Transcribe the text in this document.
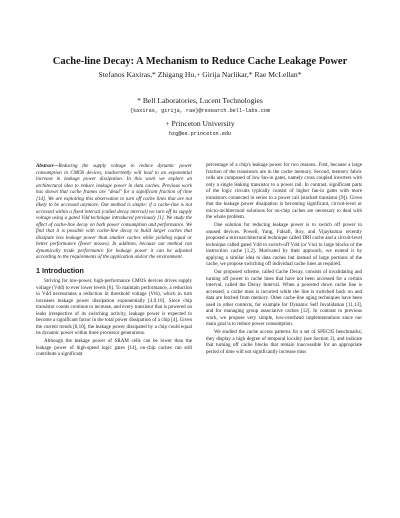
Cache-line Decay: A Mechanism to Reduce Cache Leakage Power
Stefanos Kaxiras,* Zhigang Hu,+ Girija Narlikar,* Rae McLellan*
* Bell Laboratories, Lucent Technologies
{kaxiras, girija, rae}@research.bell-labs.com
+ Princeton University
hzg@ee.princeton.edu
Abstract—Reducing the supply voltage to reduce dynamic power consumption in CMOS devices, inadvertently will lead to an exponential increase in leakage power dissipation. In this work we explore an architectural idea to reduce leakage power in data caches. Previous work has shown that cache frames are "dead" for a significant fraction of time [14]. We are exploiting this observation to turn off cache lines that are not likely to be accessed anymore. Our method is simple: if a cache-line is not accessed within a fixed interval (called decay interval) we turn off its supply voltage using a gated Vdd technique introduced previously [1]. We study the effect of cache-line decay on both power consumption and performance. We find that it is possible with cache-line decay to build larger caches that dissipate less leakage power than smaller caches while yielding equal or better performance (fewer misses). In addition, because our method can dynamically trade performance for leakage power it can be adjusted according to the requirements of the application and/or the environment.
1 Introduction

Striving for low-power, high-performance CMOS devices drives supply voltage (Vdd) to ever lower levels [6]. To maintain performance, a reduction in Vdd necessitates a reduction in threshold voltage (Vth), which in turn increases leakage power dissipation exponentially [4,9,10]. Since chip transistor counts continue to increase, and every transistor that is powered on leaks irrespective of its switching activity, leakage power is expected to become a significant factor in the total power dissipation of a chip [4]. Given the current trends [8,10], the leakage power dissipated by a chip could equal its dynamic power within three processor generations.

Although the leakage power of SRAM cells can be lower than the leakage power of high-speed logic gates [14], on-chip caches can still contribute a significant

percentage of a chip's leakage power for two reasons. First, because a large fraction of the transistors are in the cache memory. Second, memory fabric cells are composed of low fan-in gates, namely cross coupled inverters with only a single leaking transistor to a power rail. In contrast, significant parts of the logic circuits typically consist of higher fan-in gates with more transistors connected in series to a power rail (stacked transistor [9]). Given that the leakage power dissipation is becoming significant, circuit-level or micro-architectural solutions for on-chip caches are necessary to deal with the whole problem.

One solution for reducing leakage power is to switch off power to unused devices. Powell, Yang, Falsafi, Roy, and Vijaykumar recently proposed a microarchitectural technique called DRI cache and a circuit-level technique called gated Vdd to switch-off Vdd (or Vss) to large blocks of the instruction cache [1,2]. Motivated by their approach, we extend it by applying a similar idea to data caches but instead of large portions of the cache, we propose switching off individual cache lines as required.

Our proposed scheme, called Cache Decay, consists of invalidating and turning off power to cache lines that have not been accessed for a certain interval, called the Decay Interval. When a powered down cache line is accessed, a cache miss is incurred while the line is switched back on and data are fetched from memory. Other cache-line aging techniques have been used in other contexts, for example for Dynamic Self Invalidation [11,13], and for managing group associative caches [12]. In contrast to previous work, we propose very simple, low-overhead implementations since our main goal is to reduce power consumption.

We studied the cache access patterns for a set of SPEC95 benchmarks; they display a high degree of temporal locality (see Section 2), and indicate that turning off cache blocks that remain inaccessible for an appropriate period of time will not significantly increase miss
